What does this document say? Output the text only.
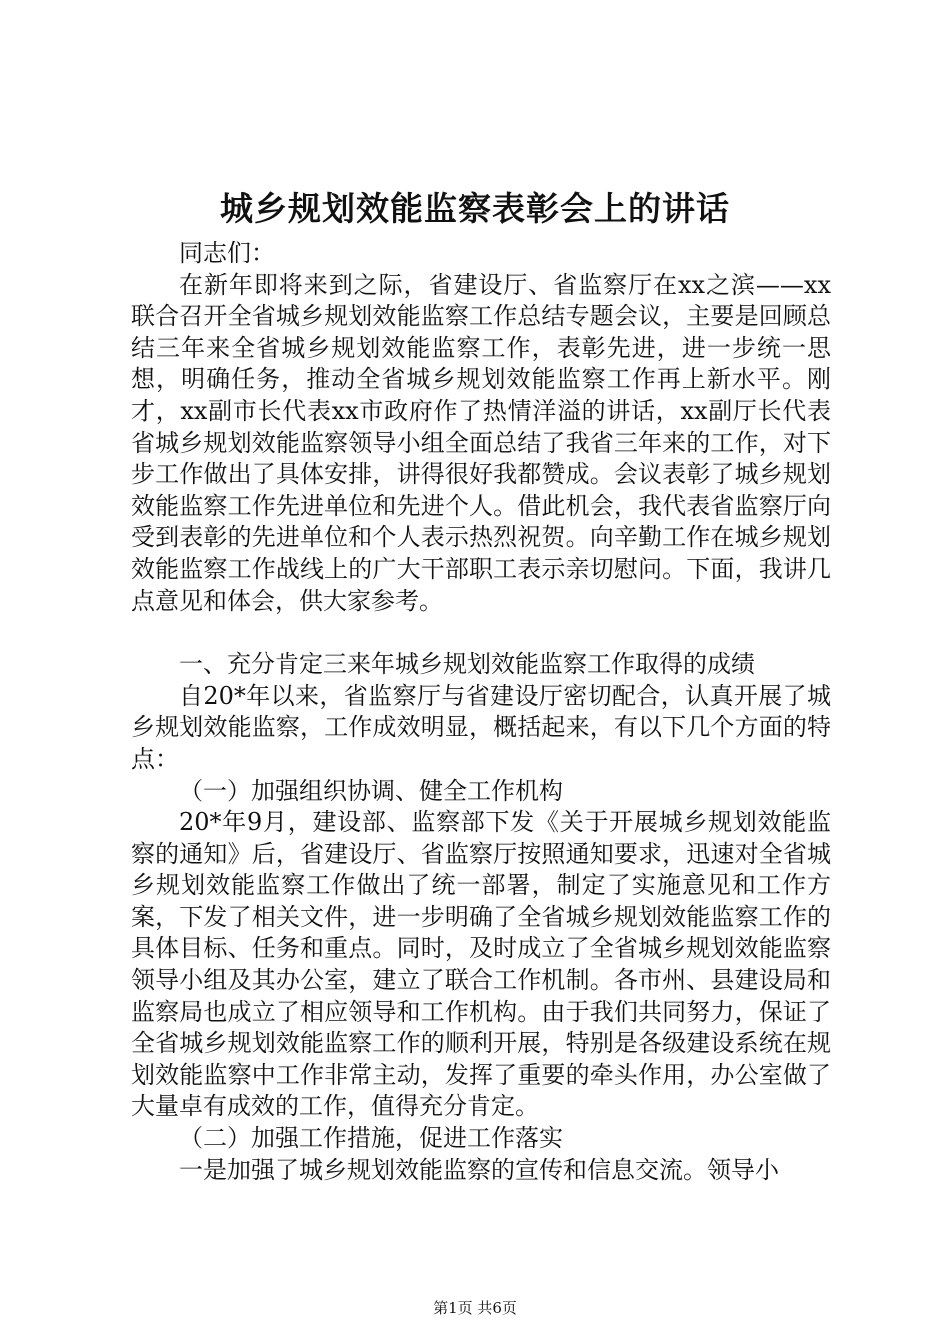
城乡规划效能监察表彰会上的讲话

同志们：

在新年即将来到之际，省建设厅、省监察厅在xx之滨——xx联合召开全省城乡规划效能监察工作总结专题会议，主要是回顾总结三年来全省城乡规划效能监察工作，表彰先进，进一步统一思想，明确任务，推动全省城乡规划效能监察工作再上新水平。刚才，xx副市长代表xx市政府作了热情洋溢的讲话，xx副厅长代表省城乡规划效能监察领导小组全面总结了我省三年来的工作，对下步工作做出了具体安排，讲得很好我都赞成。会议表彰了城乡规划效能监察工作先进单位和先进个人。借此机会，我代表省监察厅向受到表彰的先进单位和个人表示热烈祝贺。向辛勤工作在城乡规划效能监察工作战线上的广大干部职工表示亲切慰问。下面，我讲几点意见和体会，供大家参考。

一、充分肯定三来年城乡规划效能监察工作取得的成绩

自20*年以来，省监察厅与省建设厅密切配合，认真开展了城乡规划效能监察，工作成效明显，概括起来，有以下几个方面的特点：

（一）加强组织协调、健全工作机构

20*年9月，建设部、监察部下发《关于开展城乡规划效能监察的通知》后，省建设厅、省监察厅按照通知要求，迅速对全省城乡规划效能监察工作做出了统一部署，制定了实施意见和工作方案，下发了相关文件，进一步明确了全省城乡规划效能监察工作的具体目标、任务和重点。同时，及时成立了全省城乡规划效能监察领导小组及其办公室，建立了联合工作机制。各市州、县建设局和监察局也成立了相应领导和工作机构。由于我们共同努力，保证了全省城乡规划效能监察工作的顺利开展，特别是各级建设系统在规划效能监察中工作非常主动，发挥了重要的牵头作用，办公室做了大量卓有成效的工作，值得充分肯定。

（二）加强工作措施，促进工作落实

一是加强了城乡规划效能监察的宣传和信息交流。领导小

第1页 共6页
